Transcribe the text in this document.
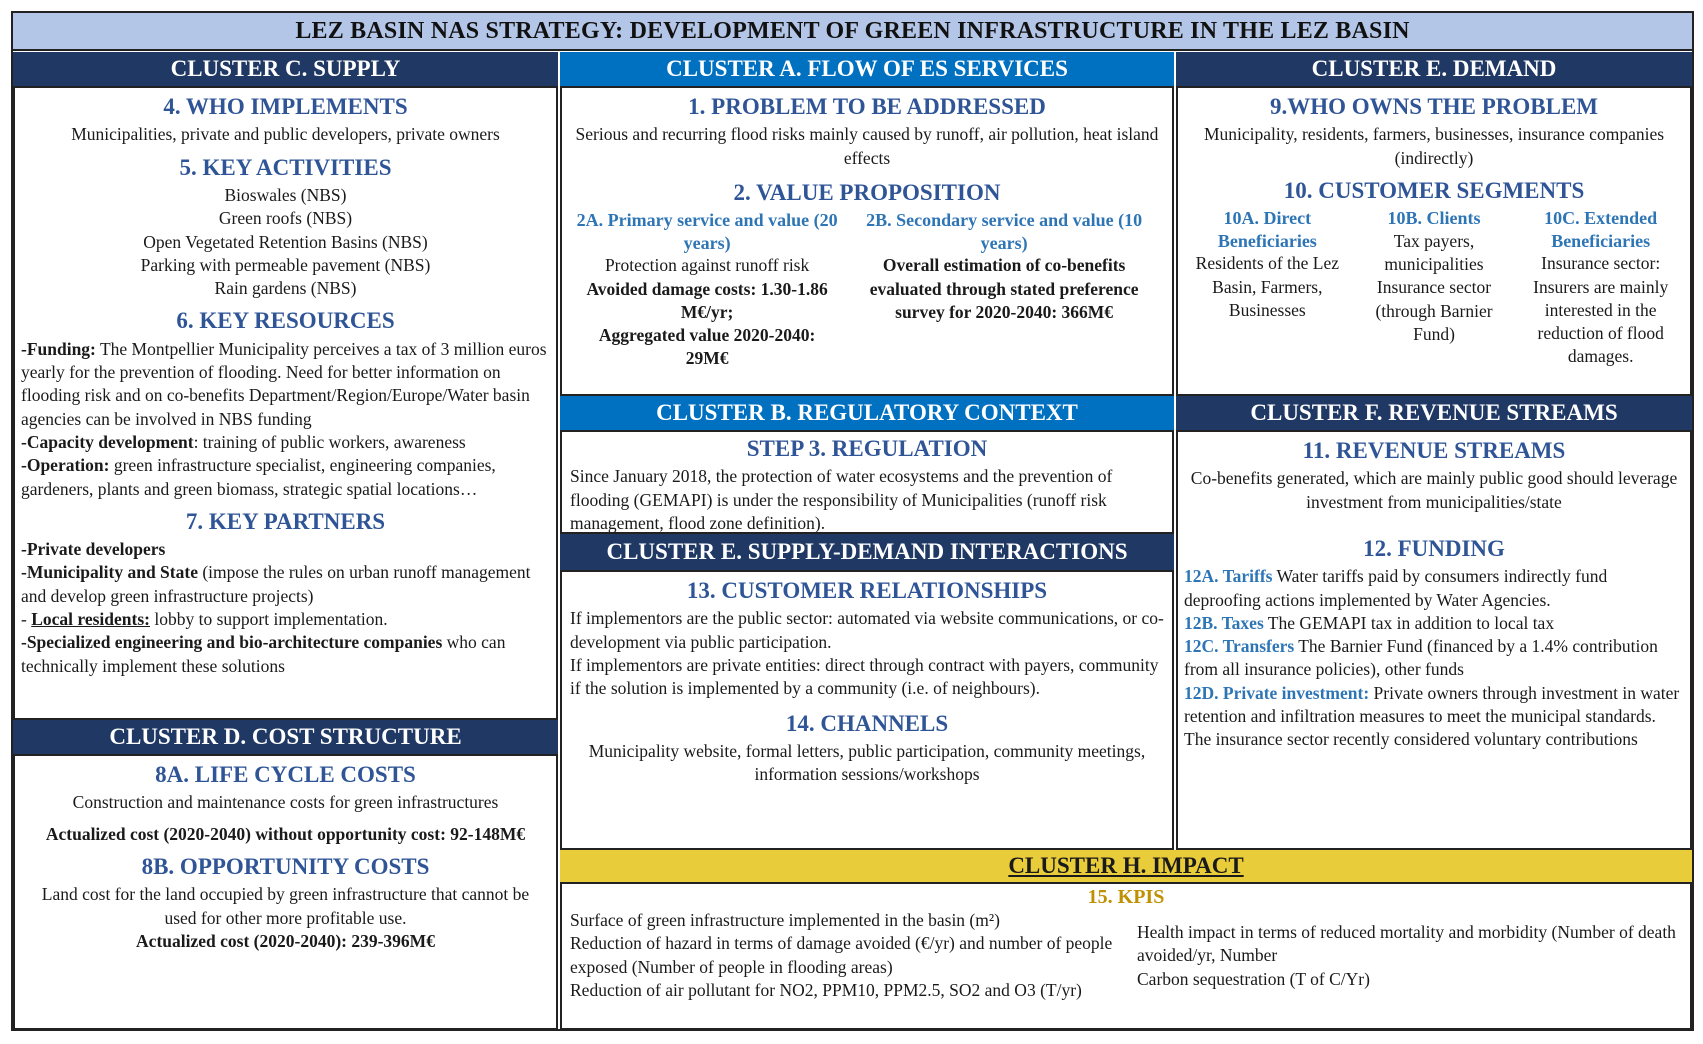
LEZ BASIN NAS STRATEGY: DEVELOPMENT OF GREEN INFRASTRUCTURE IN THE LEZ BASIN
CLUSTER C. SUPPLY
4. WHO IMPLEMENTS

Municipalities, private and public developers, private owners

5. KEY ACTIVITIES

Bioswales (NBS)

Green roofs (NBS)

Open Vegetated Retention Basins (NBS)

Parking with permeable pavement (NBS)

Rain gardens (NBS)

6. KEY RESOURCES

-Funding: The Montpellier Municipality perceives a tax of 3 million euros yearly for the prevention of flooding. Need for better information on flooding risk and on co-benefits Department/Region/Europe/Water basin agencies can be involved in NBS funding

-Capacity development: training of public workers, awareness

-Operation: green infrastructure specialist, engineering companies, gardeners, plants and green biomass, strategic spatial locations…

7. KEY PARTNERS

-Private developers

-Municipality and State (impose the rules on urban runoff management and develop green infrastructure projects)

- Local residents: lobby to support implementation.

-Specialized engineering and bio-architecture companies who can technically implement these solutions

CLUSTER D. COST STRUCTURE
8A. LIFE CYCLE COSTS

Construction and maintenance costs for green infrastructures

Actualized cost (2020-2040) without opportunity cost: 92-148M€

8B. OPPORTUNITY COSTS

Land cost for the land occupied by green infrastructure that cannot be used for other more profitable use.

Actualized cost (2020-2040): 239-396M€

CLUSTER A. FLOW OF ES SERVICES
1. PROBLEM TO BE ADDRESSED

Serious and recurring flood risks mainly caused by runoff, air pollution, heat island effects

2. VALUE PROPOSITION
2A. Primary service and value (20 years)

Protection against runoff risk

Avoided damage costs: 1.30-1.86 M€/yr;

Aggregated value 2020-2040: 29M€

2B. Secondary service and value (10 years)

Overall estimation of co-benefits evaluated through stated preference survey for 2020-2040: 366M€

CLUSTER B. REGULATORY CONTEXT
STEP 3. REGULATION

Since January 2018, the protection of water ecosystems and the prevention of flooding (GEMAPI) is under the responsibility of Municipalities (runoff risk management, flood zone definition).

CLUSTER E. SUPPLY-DEMAND INTERACTIONS
13. CUSTOMER RELATIONSHIPS

If implementors are the public sector: automated via website communications, or co-development via public participation.

If implementors are private entities: direct through contract with payers, community if the solution is implemented by a community (i.e. of neighbours).

14. CHANNELS

Municipality website, formal letters, public participation, community meetings, information sessions/workshops

CLUSTER E. DEMAND
9.WHO OWNS THE PROBLEM

Municipality, residents, farmers, businesses, insurance companies (indirectly)

10. CUSTOMER SEGMENTS
10A. Direct Beneficiaries

Residents of the Lez Basin, Farmers, Businesses

10B. Clients

Tax payers, municipalities Insurance sector (through Barnier Fund)

10C. Extended Beneficiaries

Insurance sector: Insurers are mainly interested in the reduction of flood damages.

CLUSTER F. REVENUE STREAMS
11. REVENUE STREAMS

Co-benefits generated, which are mainly public good should leverage investment from municipalities/state

12. FUNDING

12A. Tariffs Water tariffs paid by consumers indirectly fund deproofing actions implemented by Water Agencies.

12B. Taxes The GEMAPI tax in addition to local tax

12C. Transfers The Barnier Fund (financed by a 1.4% contribution from all insurance policies), other funds

12D. Private investment: Private owners through investment in water retention and infiltration measures to meet the municipal standards.

The insurance sector recently considered voluntary contributions

CLUSTER H. IMPACT
15. KPIS

Surface of green infrastructure implemented in the basin (m²)

Reduction of hazard in terms of damage avoided (€/yr) and number of people exposed (Number of people in flooding areas)

Reduction of air pollutant for NO2, PPM10, PPM2.5, SO2 and O3 (T/yr)

Health impact in terms of reduced mortality and morbidity (Number of death avoided/yr, Number

Carbon sequestration (T of C/Yr)
